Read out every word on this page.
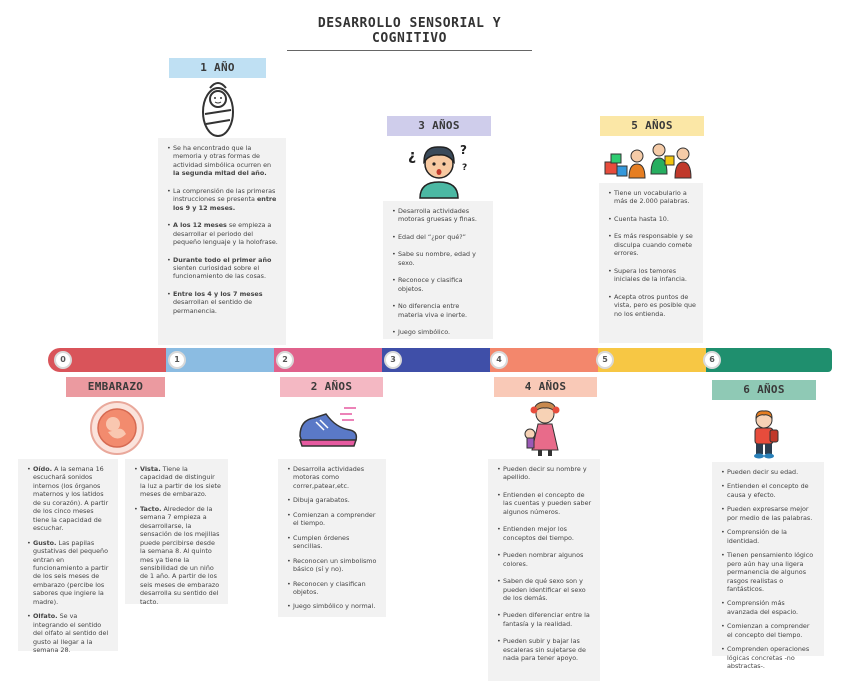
DESARROLLO SENSORIAL Y COGNITIVO
1 AÑO
• Se ha encontrado que la memoria y otras formas de actividad simbólica ocurren en la segunda mitad del año.
• La comprensión de las primeras instrucciones se presenta entre los 9 y 12 meses.
• A los 12 meses se empieza a desarrollar el periodo del pequeño lenguaje y la holofrase.
• Durante todo el primer año sienten curiosidad sobre el funcionamiento de las cosas.
• Entre los 4 y los 7 meses desarrollan el sentido de permanencia.
3 AÑOS
¿	?
?
• Desarrolla actividades motoras gruesas y finas.
• Edad del “¿por qué?”
• Sabe su nombre, edad y sexo.
• Reconoce y clasifica objetos.
• No diferencia entre materia viva e inerte.
• Juego simbólico.
5 AÑOS
• Tiene un vocabulario a más de 2.000 palabras.
• Cuenta hasta 10.
• Es más responsable y se disculpa cuando comete errores.
• Supera los temores iniciales de la infancia.
• Acepta otros puntos de vista, pero es posible que no los entienda.
0	1	2	3	4	5	6
EMBARAZO
• Oído. A la semana 16 escuchará sonidos internos (los órganos maternos y los latidos de su corazón). A partir de los cinco meses tiene la capacidad de escuchar.
• Gusto. Las papilas gustativas del pequeño entran en funcionamiento a partir de los seis meses de embarazo (percibe los sabores que ingiere la madre).
• Olfato. Se va integrando el sentido del olfato al sentido del gusto al llegar a la semana 28.
• Vista. Tiene la capacidad de distinguir la luz a partir de los siete meses de embarazo.
• Tacto. Alrededor de la semana 7 empieza a desarrollarse, la sensación de los mejillas puede percibirse desde la semana 8. Al quinto mes ya tiene la sensibilidad de un niño de 1 año. A partir de los seis meses de embarazo desarrolla su sentido del tacto.
2 AÑOS
• Desarrolla actividades motoras como correr,patear,etc.
• Dibuja garabatos.
• Comienzan a comprender el tiempo.
• Cumplen órdenes sencillas.
• Reconocen un simbolismo básico (sí y no).
• Reconocen y clasifican objetos.
• Juego simbólico y normal.
4 AÑOS
• Pueden decir su nombre y apellido.
• Entienden el concepto de las cuentas y pueden saber algunos números.
• Entienden mejor los conceptos del tiempo.
• Pueden nombrar algunos colores.
• Saben de qué sexo son y pueden identificar el sexo de los demás.
• Pueden diferenciar entre la fantasía y la realidad.
• Pueden subir y bajar las escaleras sin sujetarse de nada para tener apoyo.
6 AÑOS
• Pueden decir su edad.
• Entienden el concepto de causa y efecto.
• Pueden expresarse mejor por medio de las palabras.
• Comprensión de la identidad.
• Tienen pensamiento lógico pero aún hay una ligera permanencia de algunos rasgos realistas o fantásticos.
• Comprensión más avanzada del espacio.
• Comienzan a comprender el concepto del tiempo.
• Comprenden operaciones lógicas concretas -no abstractas-.
